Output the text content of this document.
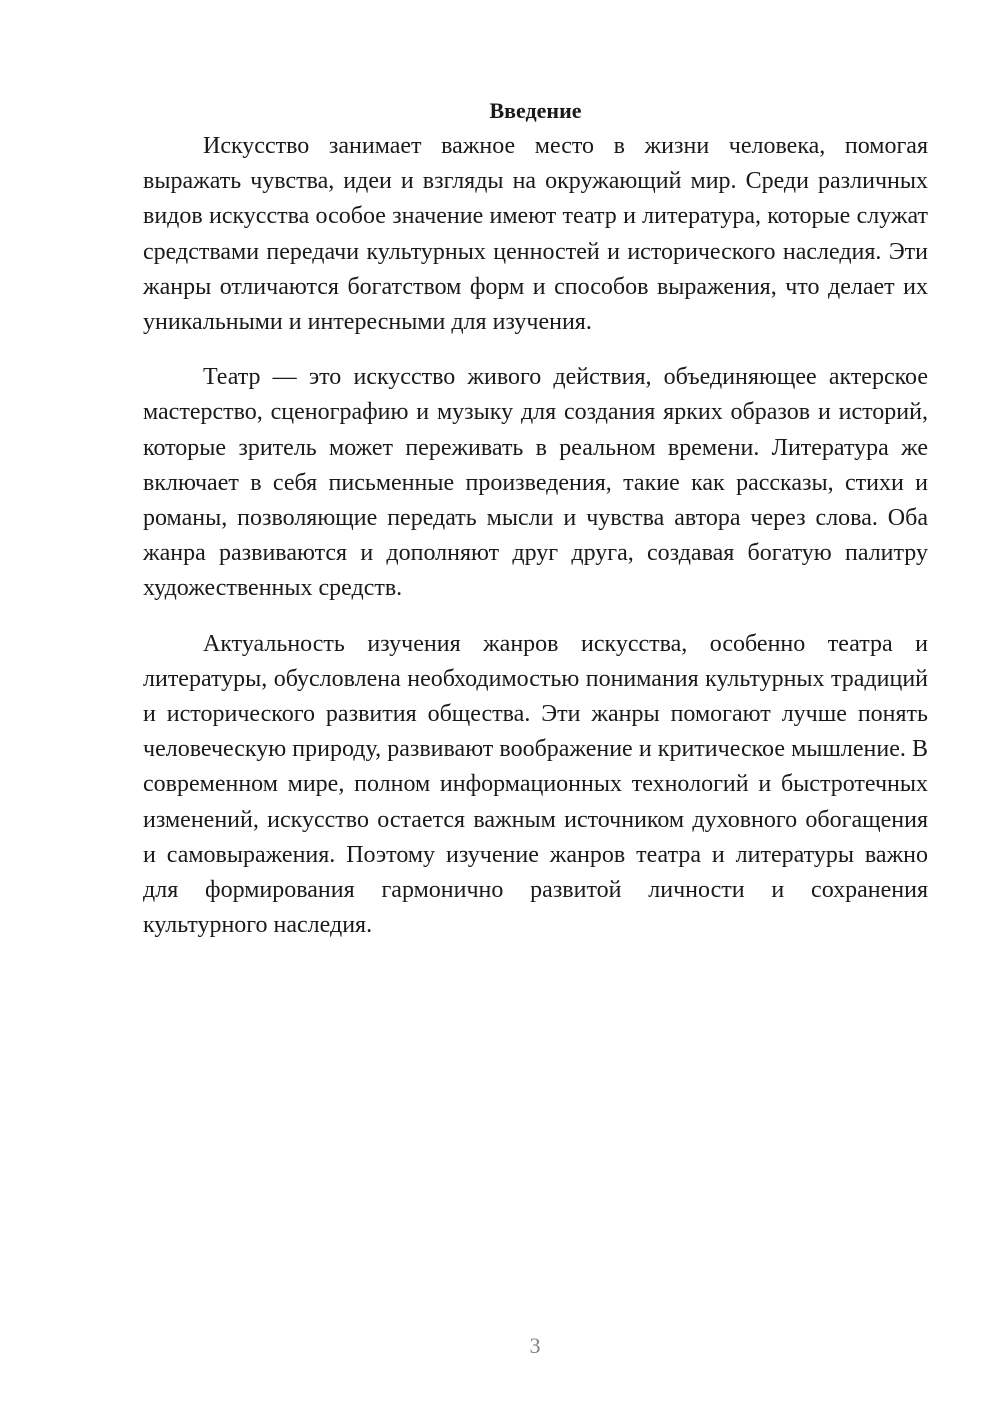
Введение

Искусство занимает важное место в жизни человека, помогая выражать чувства, идеи и взгляды на окружающий мир. Среди различных видов искусства особое значение имеют театр и литература, которые служат средствами передачи культурных ценностей и исторического наследия. Эти жанры отличаются богатством форм и способов выражения, что делает их уникальными и интересными для изучения.

Театр — это искусство живого действия, объединяющее актерское мастерство, сценографию и музыку для создания ярких образов и историй, которые зритель может переживать в реальном времени. Литература же включает в себя письменные произведения, такие как рассказы, стихи и романы, позволяющие передать мысли и чувства автора через слова. Оба жанра развиваются и дополняют друг друга, создавая богатую палитру художественных средств.

Актуальность изучения жанров искусства, особенно театра и литературы, обусловлена необходимостью понимания культурных традиций и исторического развития общества. Эти жанры помогают лучше понять человеческую природу, развивают воображение и критическое мышление. В современном мире, полном информационных технологий и быстротечных изменений, искусство остается важным источником духовного обогащения и самовыражения. Поэтому изучение жанров театра и литературы важно для формирования гармонично развитой личности и сохранения культурного наследия.

3
